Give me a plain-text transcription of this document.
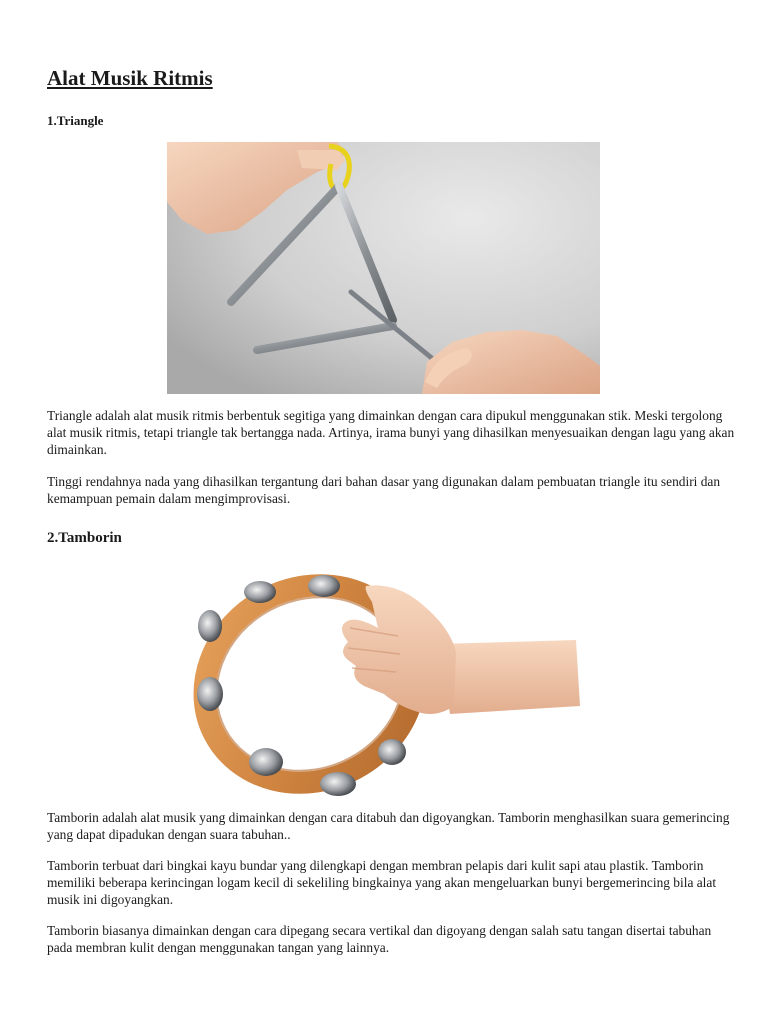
Alat Musik Ritmis
1.Triangle

Triangle adalah alat musik ritmis berbentuk segitiga yang dimainkan dengan cara dipukul menggunakan stik. Meski tergolong alat musik ritmis, tetapi triangle tak bertangga nada. Artinya, irama bunyi yang dihasilkan menyesuaikan dengan lagu yang akan dimainkan.

Tinggi rendahnya nada yang dihasilkan tergantung dari bahan dasar yang digunakan dalam pembuatan triangle itu sendiri dan kemampuan pemain dalam mengimprovisasi.

2.Tamborin

Tamborin adalah alat musik yang dimainkan dengan cara ditabuh dan digoyangkan. Tamborin menghasilkan suara gemerincing yang dapat dipadukan dengan suara tabuhan..

Tamborin terbuat dari bingkai kayu bundar yang dilengkapi dengan membran pelapis dari kulit sapi atau plastik. Tamborin memiliki beberapa kerincingan logam kecil di sekeliling bingkainya yang akan mengeluarkan bunyi bergemerincing bila alat musik ini digoyangkan.

Tamborin biasanya dimainkan dengan cara dipegang secara vertikal dan digoyang dengan salah satu tangan disertai tabuhan pada membran kulit dengan menggunakan tangan yang lainnya.
